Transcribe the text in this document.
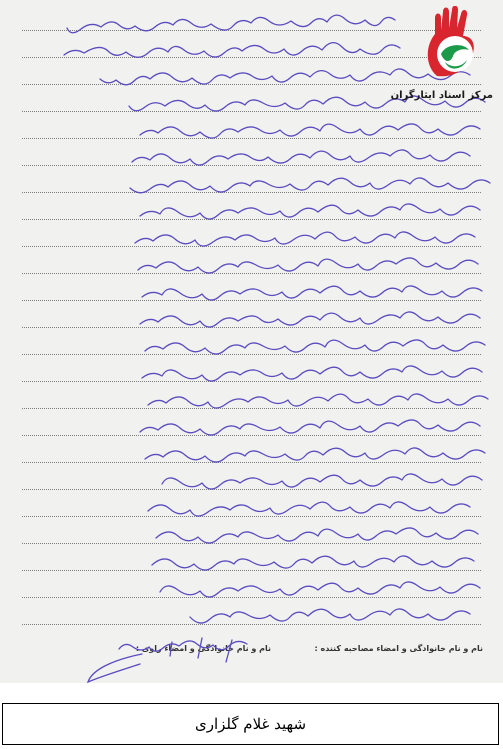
مرکز اسناد ایثارگران
نام و نام خانوادگی و امضاء مصاحبه کننده :
نام و نام خانوادگی و امضاء راوی :
شهید غلام گلزاری
